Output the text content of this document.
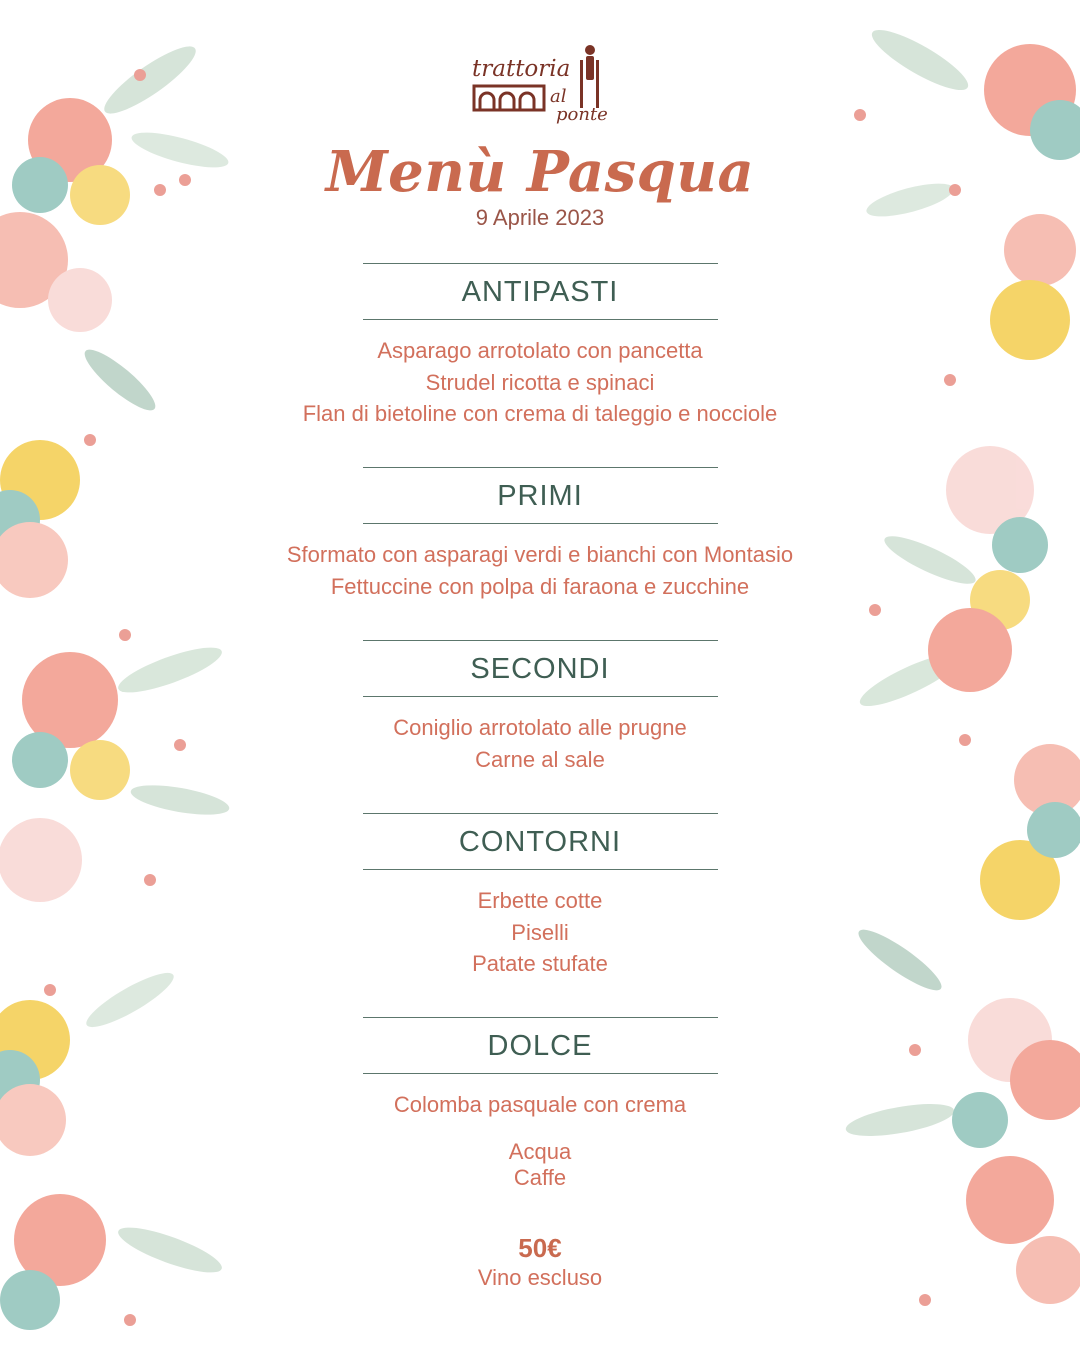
trattoria
al
ponte
Menù Pasqua
9 Aprile 2023
ANTIPASTI
Asparago arrotolato con pancetta
Strudel ricotta e spinaci
Flan di bietoline con crema di taleggio e nocciole
PRIMI
Sformato con asparagi verdi e bianchi con Montasio
Fettuccine con polpa di faraona e zucchine
SECONDI
Coniglio arrotolato alle prugne
Carne al sale
CONTORNI
Erbette cotte
Piselli
Patate stufate
DOLCE
Colomba pasquale con crema
Acqua
Caffe
50€
Vino escluso
